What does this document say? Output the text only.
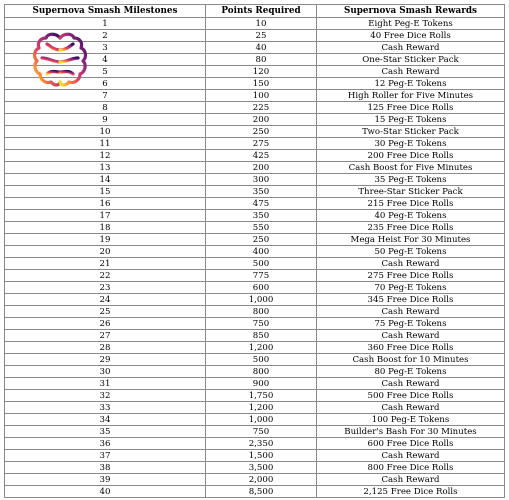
Supernova Smash Milestones	Points Required	Supernova Smash Rewards
1	10	Eight Peg-E Tokens
2	25	40 Free Dice Rolls
3	40	Cash Reward
4	80	One-Star Sticker Pack
5	120	Cash Reward
6	150	12 Peg-E Tokens
7	100	High Roller for Five Minutes
8	225	125 Free Dice Rolls
9	200	15 Peg-E Tokens
10	250	Two-Star Sticker Pack
11	275	30 Peg-E Tokens
12	425	200 Free Dice Rolls
13	200	Cash Boost for Five Minutes
14	300	35 Peg-E Tokens
15	350	Three-Star Sticker Pack
16	475	215 Free Dice Rolls
17	350	40 Peg-E Tokens
18	550	235 Free Dice Rolls
19	250	Mega Heist For 30 Minutes
20	400	50 Peg-E Tokens
21	500	Cash Reward
22	775	275 Free Dice Rolls
23	600	70 Peg-E Tokens
24	1,000	345 Free Dice Rolls
25	800	Cash Reward
26	750	75 Peg-E Tokens
27	850	Cash Reward
28	1,200	360 Free Dice Rolls
29	500	Cash Boost for 10 Minutes
30	800	80 Peg-E Tokens
31	900	Cash Reward
32	1,750	500 Free Dice Rolls
33	1,200	Cash Reward
34	1,000	100 Peg-E Tokens
35	750	Builder's Bash For 30 Minutes
36	2,350	600 Free Dice Rolls
37	1,500	Cash Reward
38	3,500	800 Free Dice Rolls
39	2,000	Cash Reward
40	8,500	2,125 Free Dice Rolls
